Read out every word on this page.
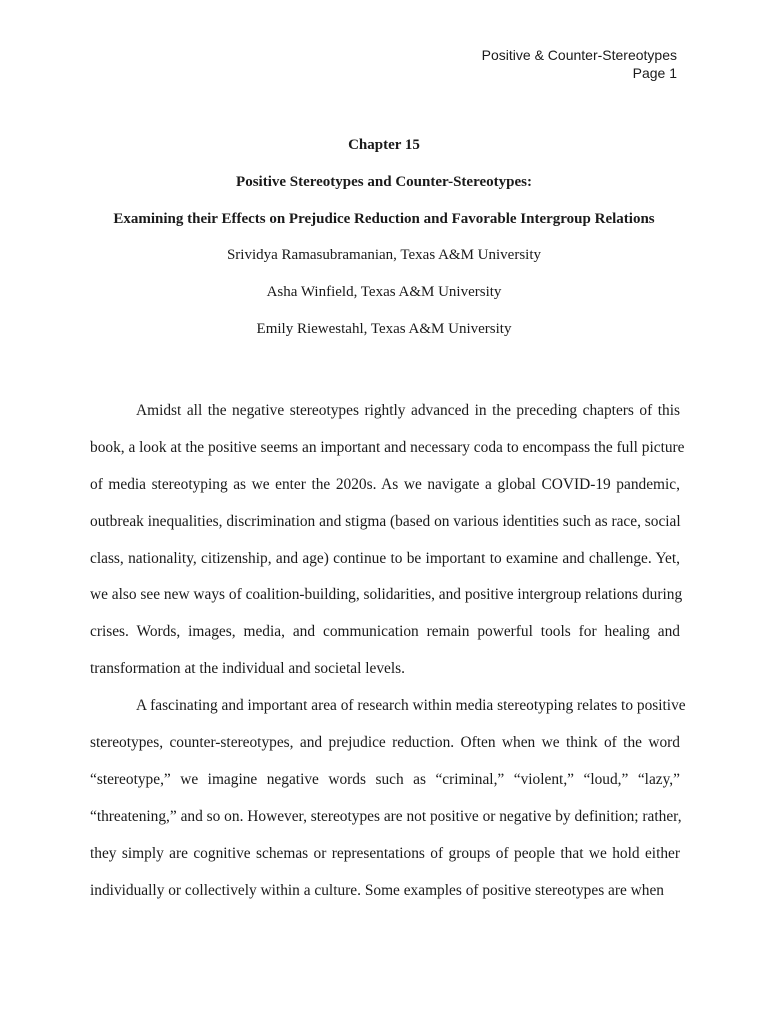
Positive & Counter-Stereotypes
Page 1
Chapter 15
Positive Stereotypes and Counter-Stereotypes:
Examining their Effects on Prejudice Reduction and Favorable Intergroup Relations
Srividya Ramasubramanian, Texas A&M University
Asha Winfield, Texas A&M University
Emily Riewestahl, Texas A&M University
Amidst all the negative stereotypes rightly advanced in the preceding chapters of this
book, a look at the positive seems an important and necessary coda to encompass the full picture
of media stereotyping as we enter the 2020s. As we navigate a global COVID-19 pandemic,
outbreak inequalities, discrimination and stigma (based on various identities such as race, social
class, nationality, citizenship, and age) continue to be important to examine and challenge. Yet,
we also see new ways of coalition-building, solidarities, and positive intergroup relations during
crises. Words, images, media, and communication remain powerful tools for healing and
transformation at the individual and societal levels.
A fascinating and important area of research within media stereotyping relates to positive
stereotypes, counter-stereotypes, and prejudice reduction. Often when we think of the word
“stereotype,” we imagine negative words such as “criminal,” “violent,” “loud,” “lazy,”
“threatening,” and so on. However, stereotypes are not positive or negative by definition; rather,
they simply are cognitive schemas or representations of groups of people that we hold either
individually or collectively within a culture. Some examples of positive stereotypes are when
